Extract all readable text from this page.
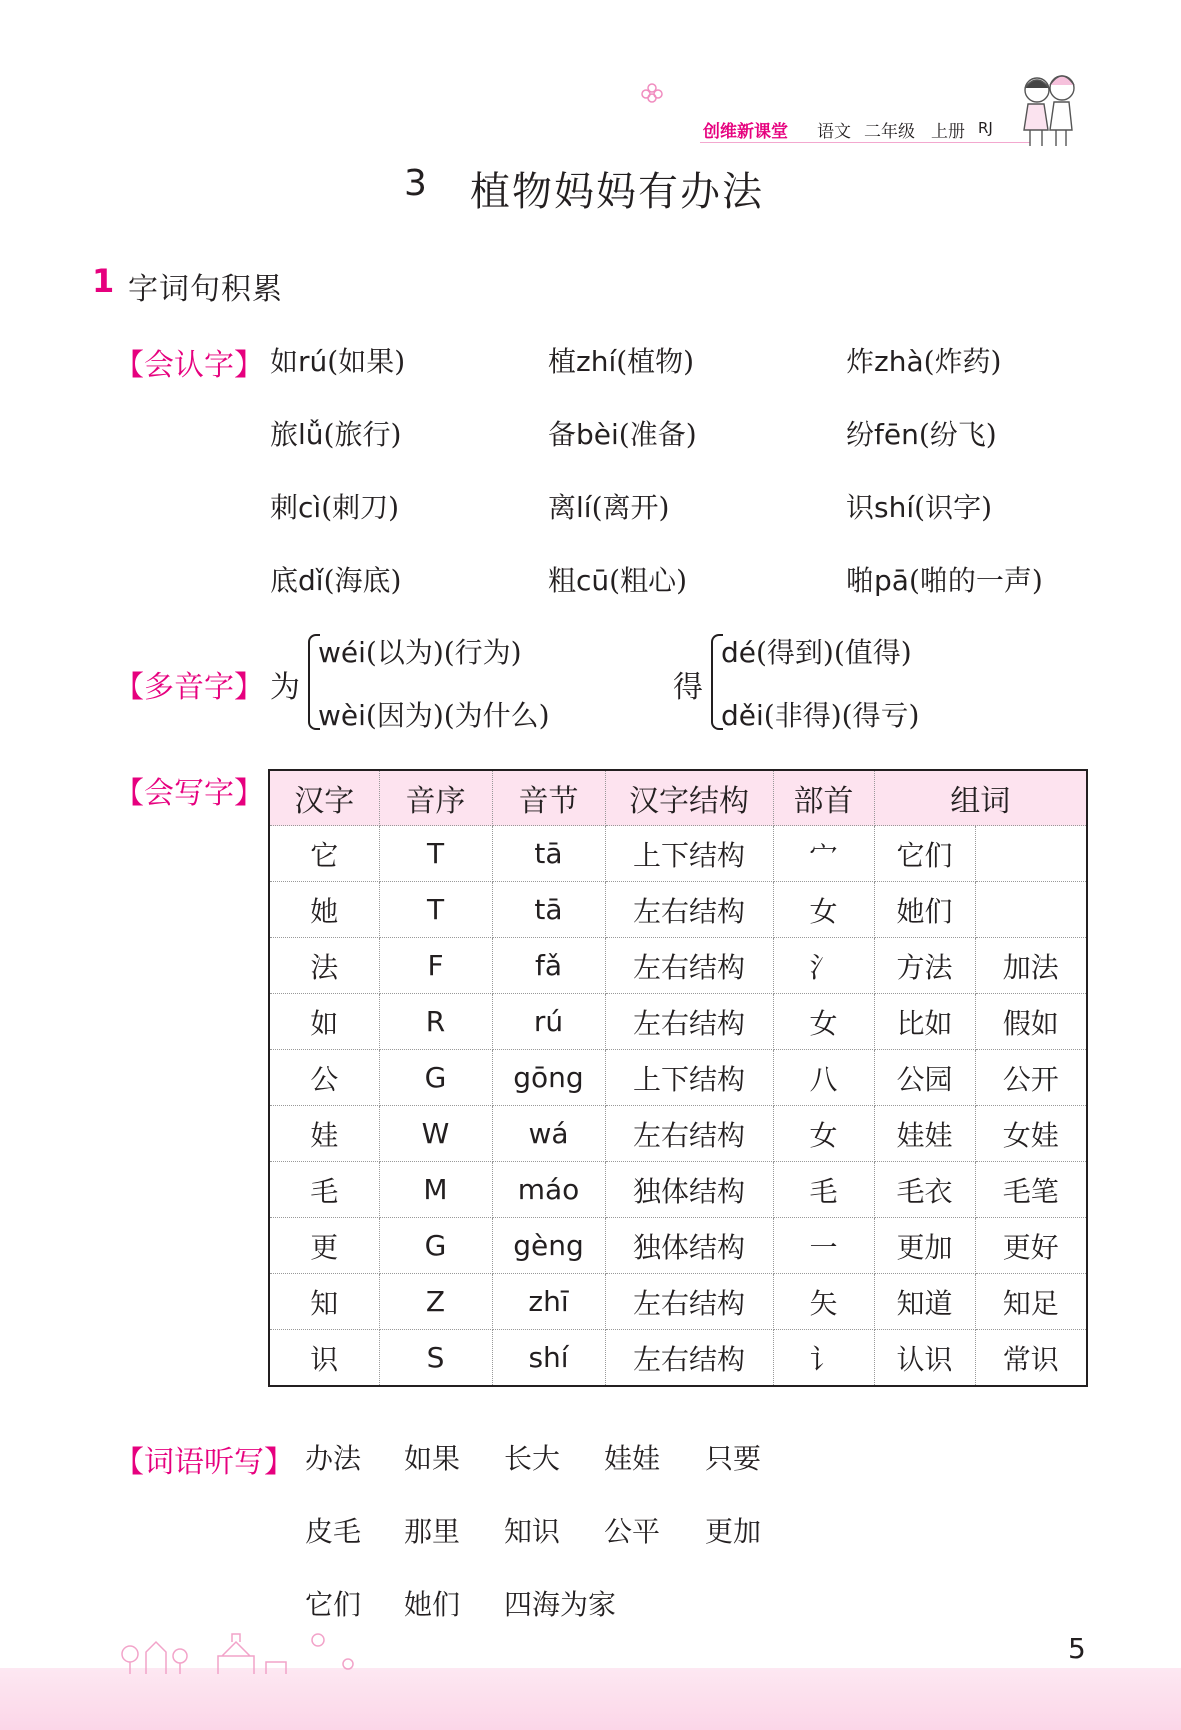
创维新课堂 语文 二年级 上册 RJ
3 植物妈妈有办法
1 字词句积累
【会认字】 如rú(如果)	植zhí(植物)	炸zhà(炸药)
旅lǚ(旅行)	备bèi(准备)	纷fēn(纷飞)
刺cì(刺刀)	离lí(离开)	识shí(识字)
底dǐ(海底)	粗cū(粗心)	啪pā(啪的一声)
【多音字】 为
wéi(以为)(行为)
wèi(因为)(为什么)
得
dé(得到)(值得)
děi(非得)(得亏)
【会写字】 汉字	音序	音节	汉字结构	部首	组词	
它	T	tā	上下结构	宀	它们	
她	T	tā	左右结构	女	她们	
法	F	fǎ	左右结构	氵	方法	加法
如	R	rú	左右结构	女	比如	假如
公	G	gōng	上下结构	八	公园	公开
娃	W	wá	左右结构	女	娃娃	女娃
毛	M	máo	独体结构	毛	毛衣	毛笔
更	G	gèng	独体结构	一	更加	更好
知	Z	zhī	左右结构	矢	知道	知足
识	S	shí	左右结构	讠	认识	常识
【词语听写】 办法 如果 长大 娃娃 只要
皮毛 那里 知识 公平 更加
它们 她们 四海为家
5
